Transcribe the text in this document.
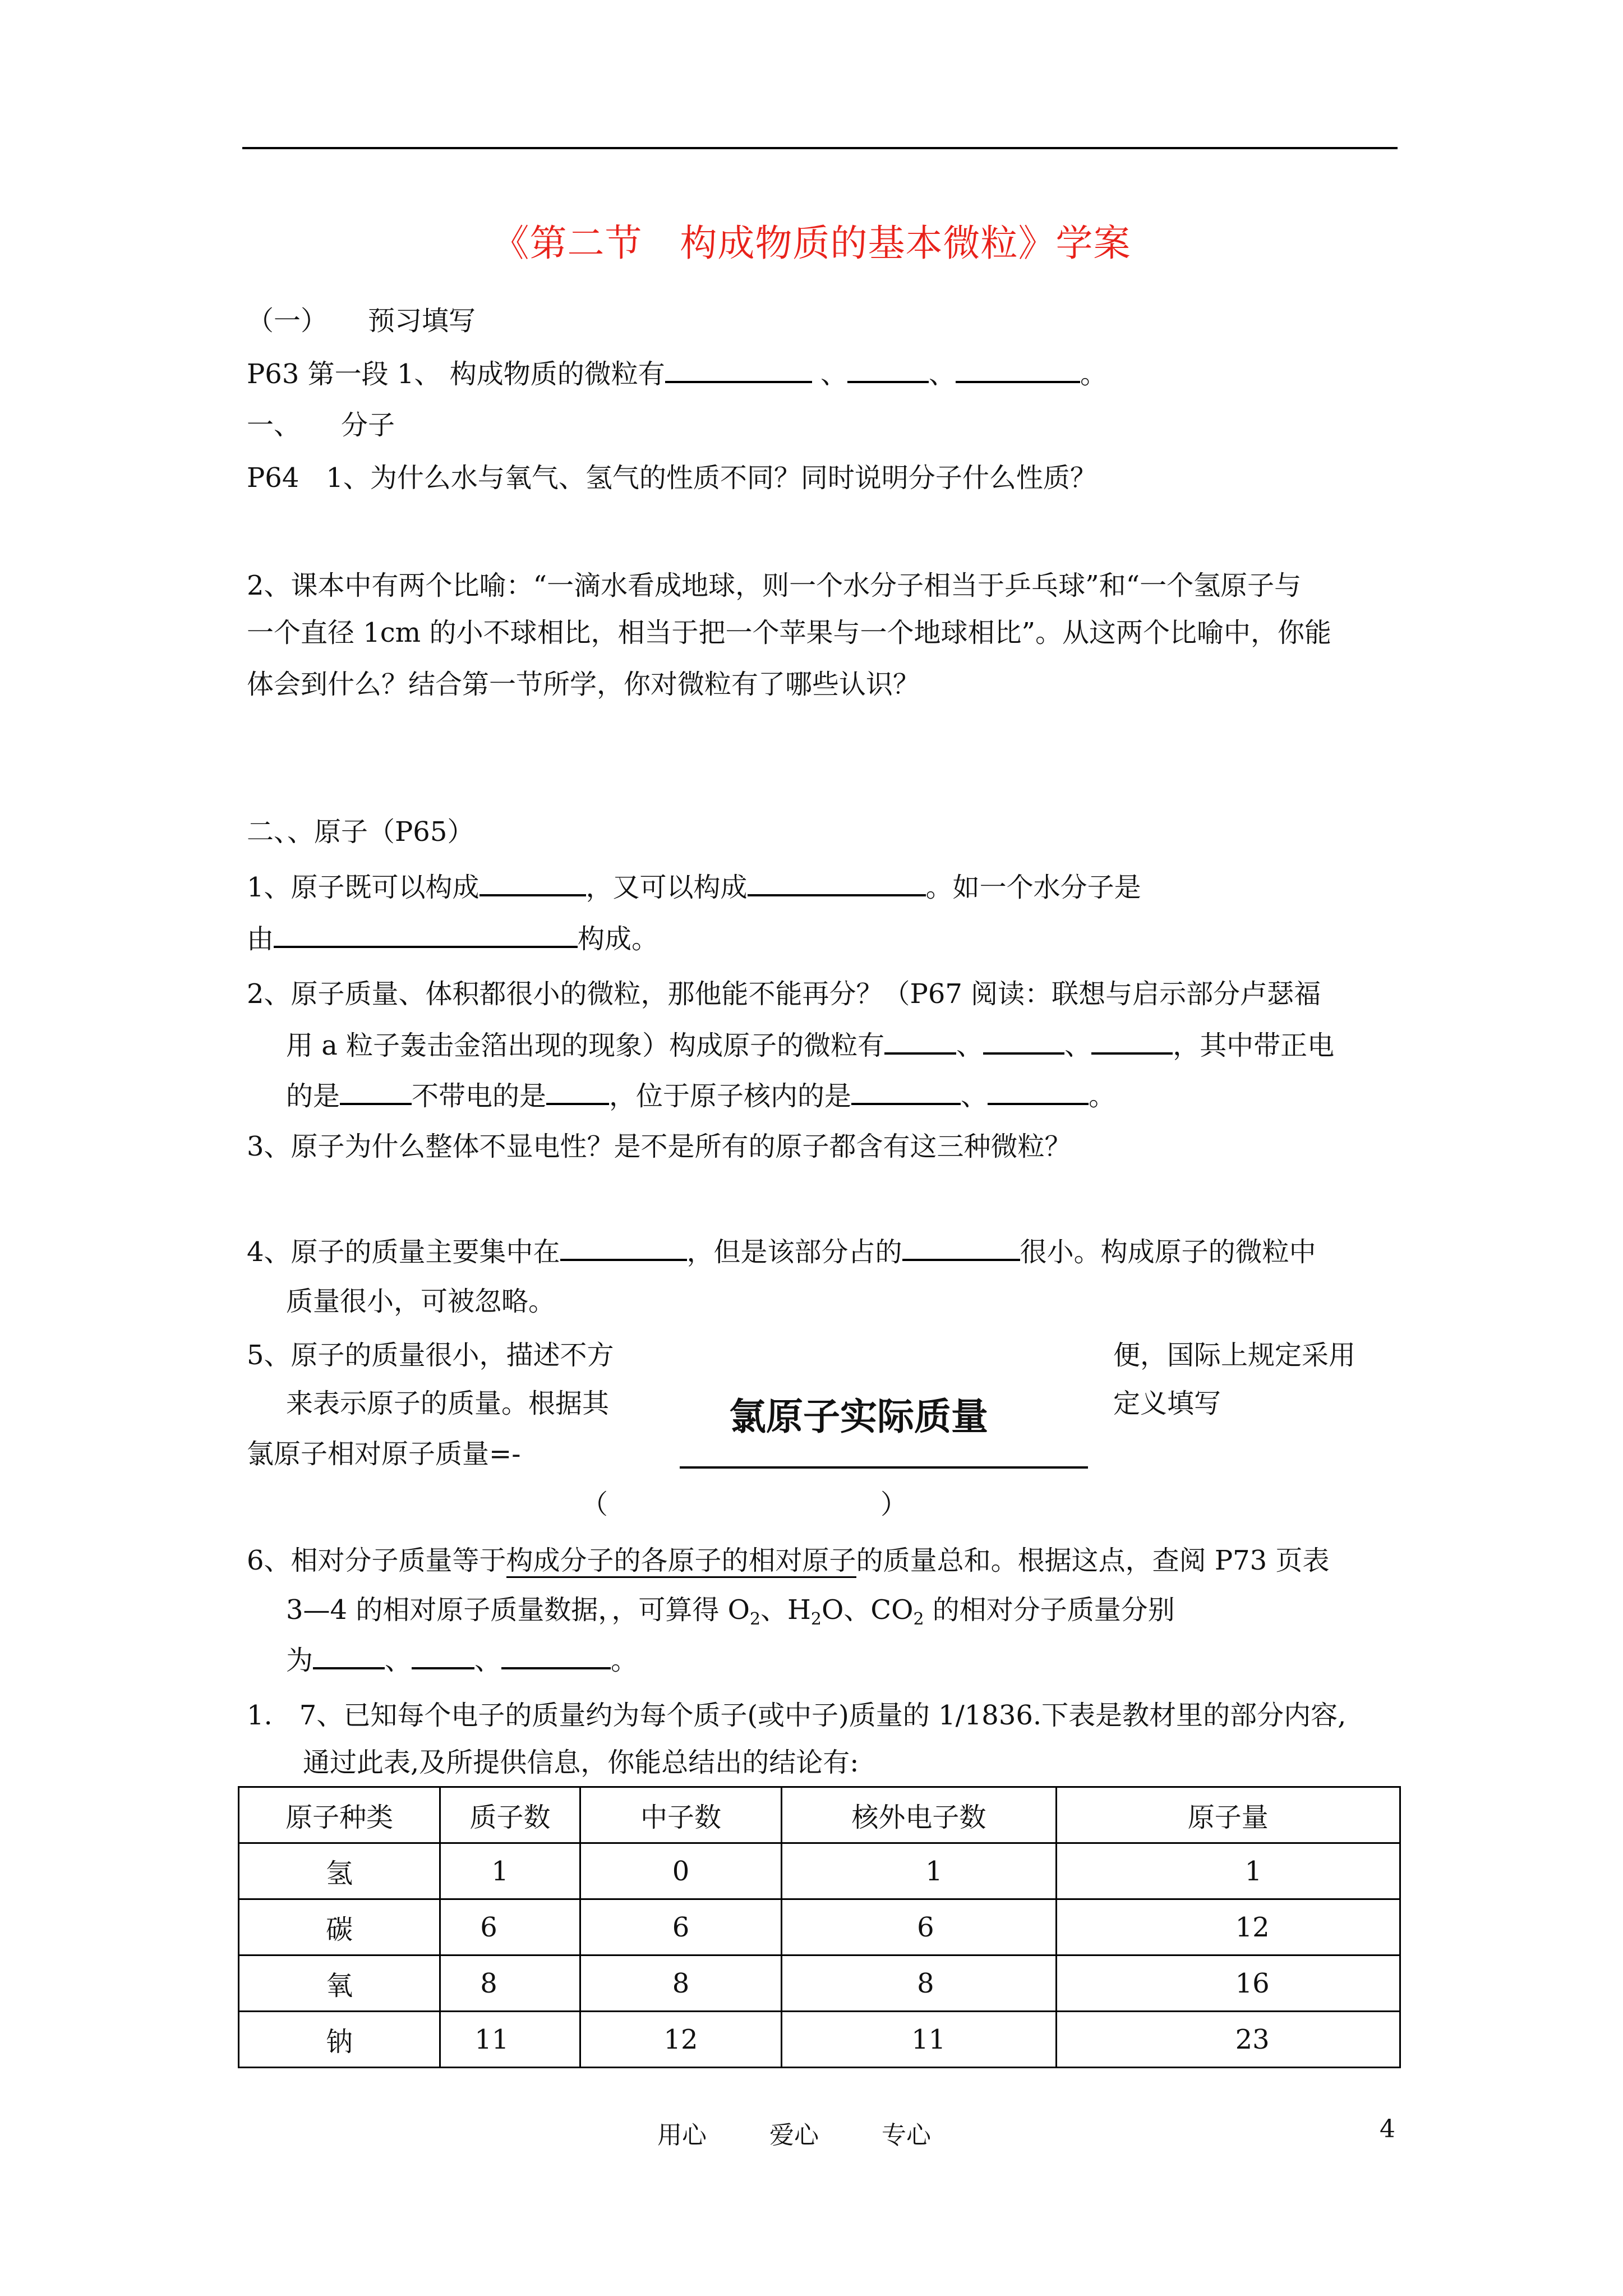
《第二节　构成物质的基本微粒》学案
（一）　　预习填写
P63 第一段 1、 构成物质的微粒有	、	、	。
一、　　分子
P64　1、为什么水与氧气、氢气的性质不同？同时说明分子什么性质？
2、课本中有两个比喻：“一滴水看成地球，则一个水分子相当于乒乓球”和“一个氢原子与
一个直径 1cm 的小不球相比，相当于把一个苹果与一个地球相比”。从这两个比喻中，你能
体会到什么？结合第一节所学，你对微粒有了哪些认识？
二、、原子（P65）
1、原子既可以构成	，又可以构成	。如一个水分子是
由	构成。
2、原子质量、体积都很小的微粒，那他能不能再分？（P67 阅读：联想与启示部分卢瑟福
用 a 粒子轰击金箔出现的现象）构成原子的微粒有	、	、	，其中带正电
的是	不带电的是 ，位于原子核内的是	、	。
3、原子为什么整体不显电性？是不是所有的原子都含有这三种微粒？
4、原子的质量主要集中在	，但是该部分占的	很小。构成原子的微粒中
质量很小，可被忽略。
5、原子的质量很小，描述不方	便，国际上规定采用
来表示原子的质量。根据其	定义填写
氯原子实际质量
氯原子相对原子质量=-
（	）
6、相对分子质量等于构成分子的各原子的相对原子的质量总和。根据这点，查阅 P73 页表
3—4 的相对原子质量数据，，可算得 $O_2$、$H_2O$、$CO_2$ 的相对分子质量分别
为	、 、	。
1.　7、已知每个电子的质量约为每个质子(或中子)质量的 1/1836.下表是教材里的部分内容,
通过此表,及所提供信息，你能总结出的结论有:
原子种类	质子数	中子数	核外电子数	原子量
氢	1	0	1	1
碳	6	6	6	12
氧	8	8	8	16
钠	11	12	11	23
用心	爱心	专心	4
